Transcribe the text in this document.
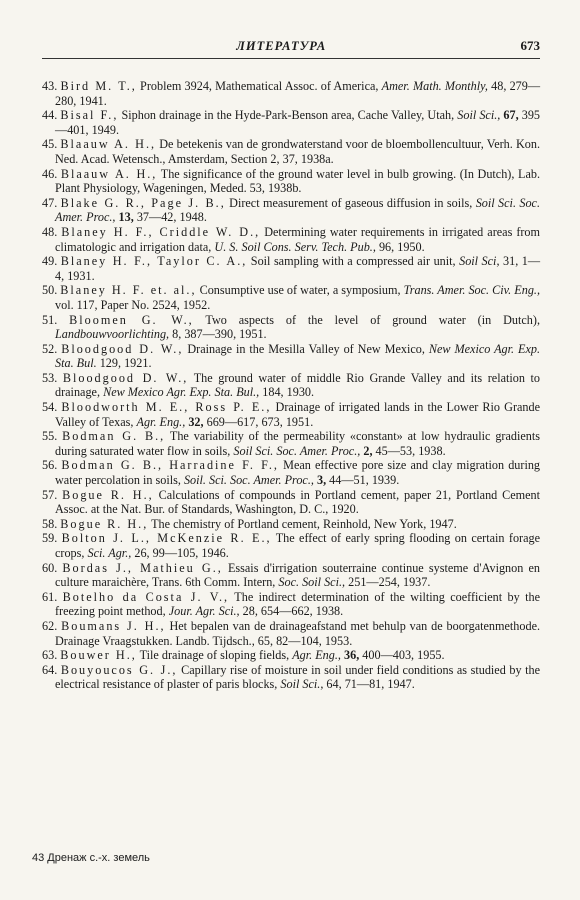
ЛИТЕРАТУРА	673
43. Bird M. T., Problem 3924, Mathematical Assoc. of America, Amer. Math. Monthly, 48, 279—280, 1941.
44. Bisal F., Siphon drainage in the Hyde-Park-Benson area, Cache Valley, Utah, Soil Sci., 67, 395—401, 1949.
45. Blaauw A. H., De betekenis van de grondwaterstand voor de bloembollencultuur, Verh. Kon. Ned. Acad. Wetensch., Amsterdam, Section 2, 37, 1938a.
46. Blaauw A. H., The significance of the ground water level in bulb growing. (In Dutch), Lab. Plant Physiology, Wageningen, Meded. 53, 1938b.
47. Blake G. R., Page J. B., Direct measurement of gaseous diffusion in soils, Soil Sci. Soc. Amer. Proc., 13, 37—42, 1948.
48. Blaney H. F., Criddle W. D., Determining water requirements in irrigated areas from climatologic and irrigation data, U. S. Soil Cons. Serv. Tech. Pub., 96, 1950.
49. Blaney H. F., Taylor C. A., Soil sampling with a compressed air unit, Soil Sci, 31, 1—4, 1931.
50. Blaney H. F. et. al., Consumptive use of water, a symposium, Trans. Amer. Soc. Civ. Eng., vol. 117, Paper No. 2524, 1952.
51. Bloomen G. W., Two aspects of the level of ground water (in Dutch), Landbouwvoorlichting, 8, 387—390, 1951.
52. Bloodgood D. W., Drainage in the Mesilla Valley of New Mexico, New Mexico Agr. Exp. Sta. Bul. 129, 1921.
53. Bloodgood D. W., The ground water of middle Rio Grande Valley and its relation to drainage, New Mexico Agr. Exp. Sta. Bul., 184, 1930.
54. Bloodworth M. E., Ross P. E., Drainage of irrigated lands in the Lower Rio Grande Valley of Texas, Agr. Eng., 32, 669—617, 673, 1951.
55. Bodman G. B., The variability of the permeability «constant» at low hydraulic gradients during saturated water flow in soils, Soil Sci. Soc. Amer. Proc., 2, 45—53, 1938.
56. Bodman G. B., Harradine F. F., Mean effective pore size and clay migration during water percolation in soils, Soil. Sci. Soc. Amer. Proc., 3, 44—51, 1939.
57. Bogue R. H., Calculations of compounds in Portland cement, paper 21, Portland Cement Assoc. at the Nat. Bur. of Standards, Washington, D. C., 1920.
58. Bogue R. H., The chemistry of Portland cement, Reinhold, New York, 1947.
59. Bolton J. L., McKenzie R. E., The effect of early spring flooding on certain forage crops, Sci. Agr., 26, 99—105, 1946.
60. Bordas J., Mathieu G., Essais d'irrigation souterraine continue systeme d'Avignon en culture maraichère, Trans. 6th Comm. Intern, Soc. Soil Sci., 251—254, 1937.
61. Botelho da Costa J. V., The indirect determination of the wilting coefficient by the freezing point method, Jour. Agr. Sci., 28, 654—662, 1938.
62. Boumans J. H., Het bepalen van de drainageafstand met behulp van de boorgatenmethode. Drainage Vraagstukken. Landb. Tijdsch., 65, 82—104, 1953.
63. Bouwer H., Tile drainage of sloping fields, Agr. Eng., 36, 400—403, 1955.
64. Bouyoucos G. J., Capillary rise of moisture in soil under field conditions as studied by the electrical resistance of plaster of paris blocks, Soil Sci., 64, 71—81, 1947.
43 Дренаж с.-х. земель
